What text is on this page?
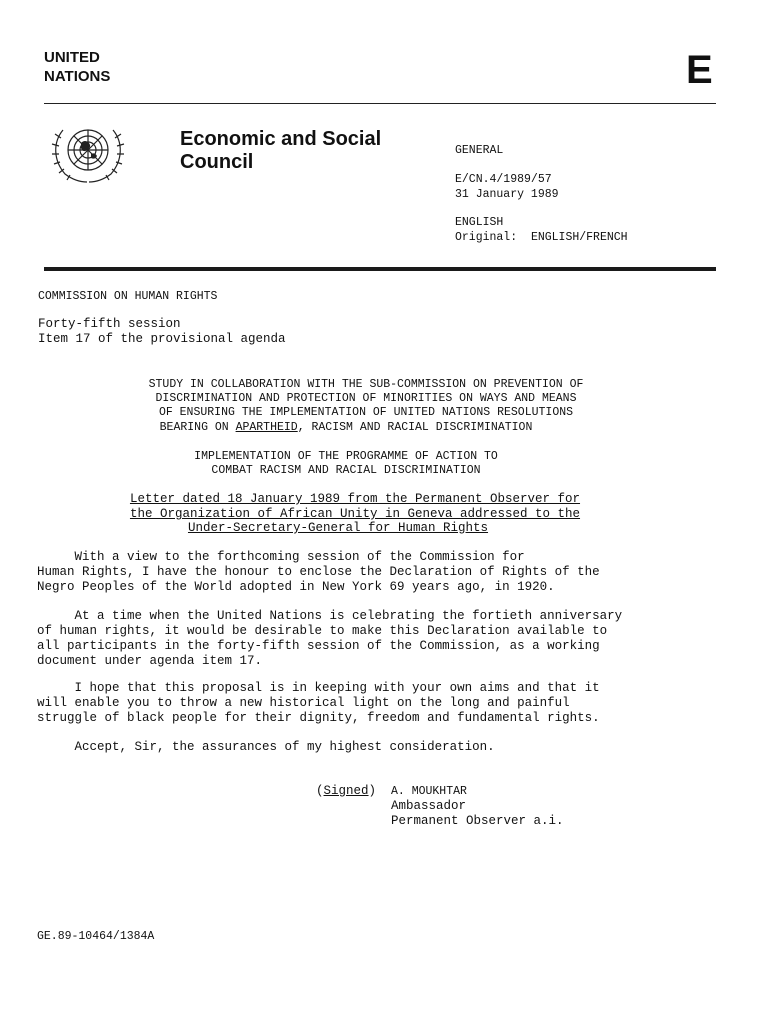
UNITED
NATIONS	E
Economic and Social
Council
GENERAL
E/CN.4/1989/57
31 January 1989
ENGLISH
Original: ENGLISH/FRENCH
COMMISSION ON HUMAN RIGHTS
Forty-fifth session
Item 17 of the provisional agenda
STUDY IN COLLABORATION WITH THE SUB-COMMISSION ON PREVENTION OF
DISCRIMINATION AND PROTECTION OF MINORITIES ON WAYS AND MEANS
OF ENSURING THE IMPLEMENTATION OF UNITED NATIONS RESOLUTIONS
BEARING ON APARTHEID, RACISM AND RACIAL DISCRIMINATION
IMPLEMENTATION OF THE PROGRAMME OF ACTION TO
COMBAT RACISM AND RACIAL DISCRIMINATION
Letter dated 18 January 1989 from the Permanent Observer for
the Organization of African Unity in Geneva addressed to the
Under-Secretary-General for Human Rights
With a view to the forthcoming session of the Commission for
Human Rights, I have the honour to enclose the Declaration of Rights of the
Negro Peoples of the World adopted in New York 69 years ago, in 1920.
At a time when the United Nations is celebrating the fortieth anniversary
of human rights, it would be desirable to make this Declaration available to
all participants in the forty-fifth session of the Commission, as a working
document under agenda item 17.
I hope that this proposal is in keeping with your own aims and that it
will enable you to throw a new historical light on the long and painful
struggle of black people for their dignity, freedom and fundamental rights.
Accept, Sir, the assurances of my highest consideration.
(Signed) A. MOUKHTAR
Ambassador
Permanent Observer a.i.
GE.89-10464/1384A
